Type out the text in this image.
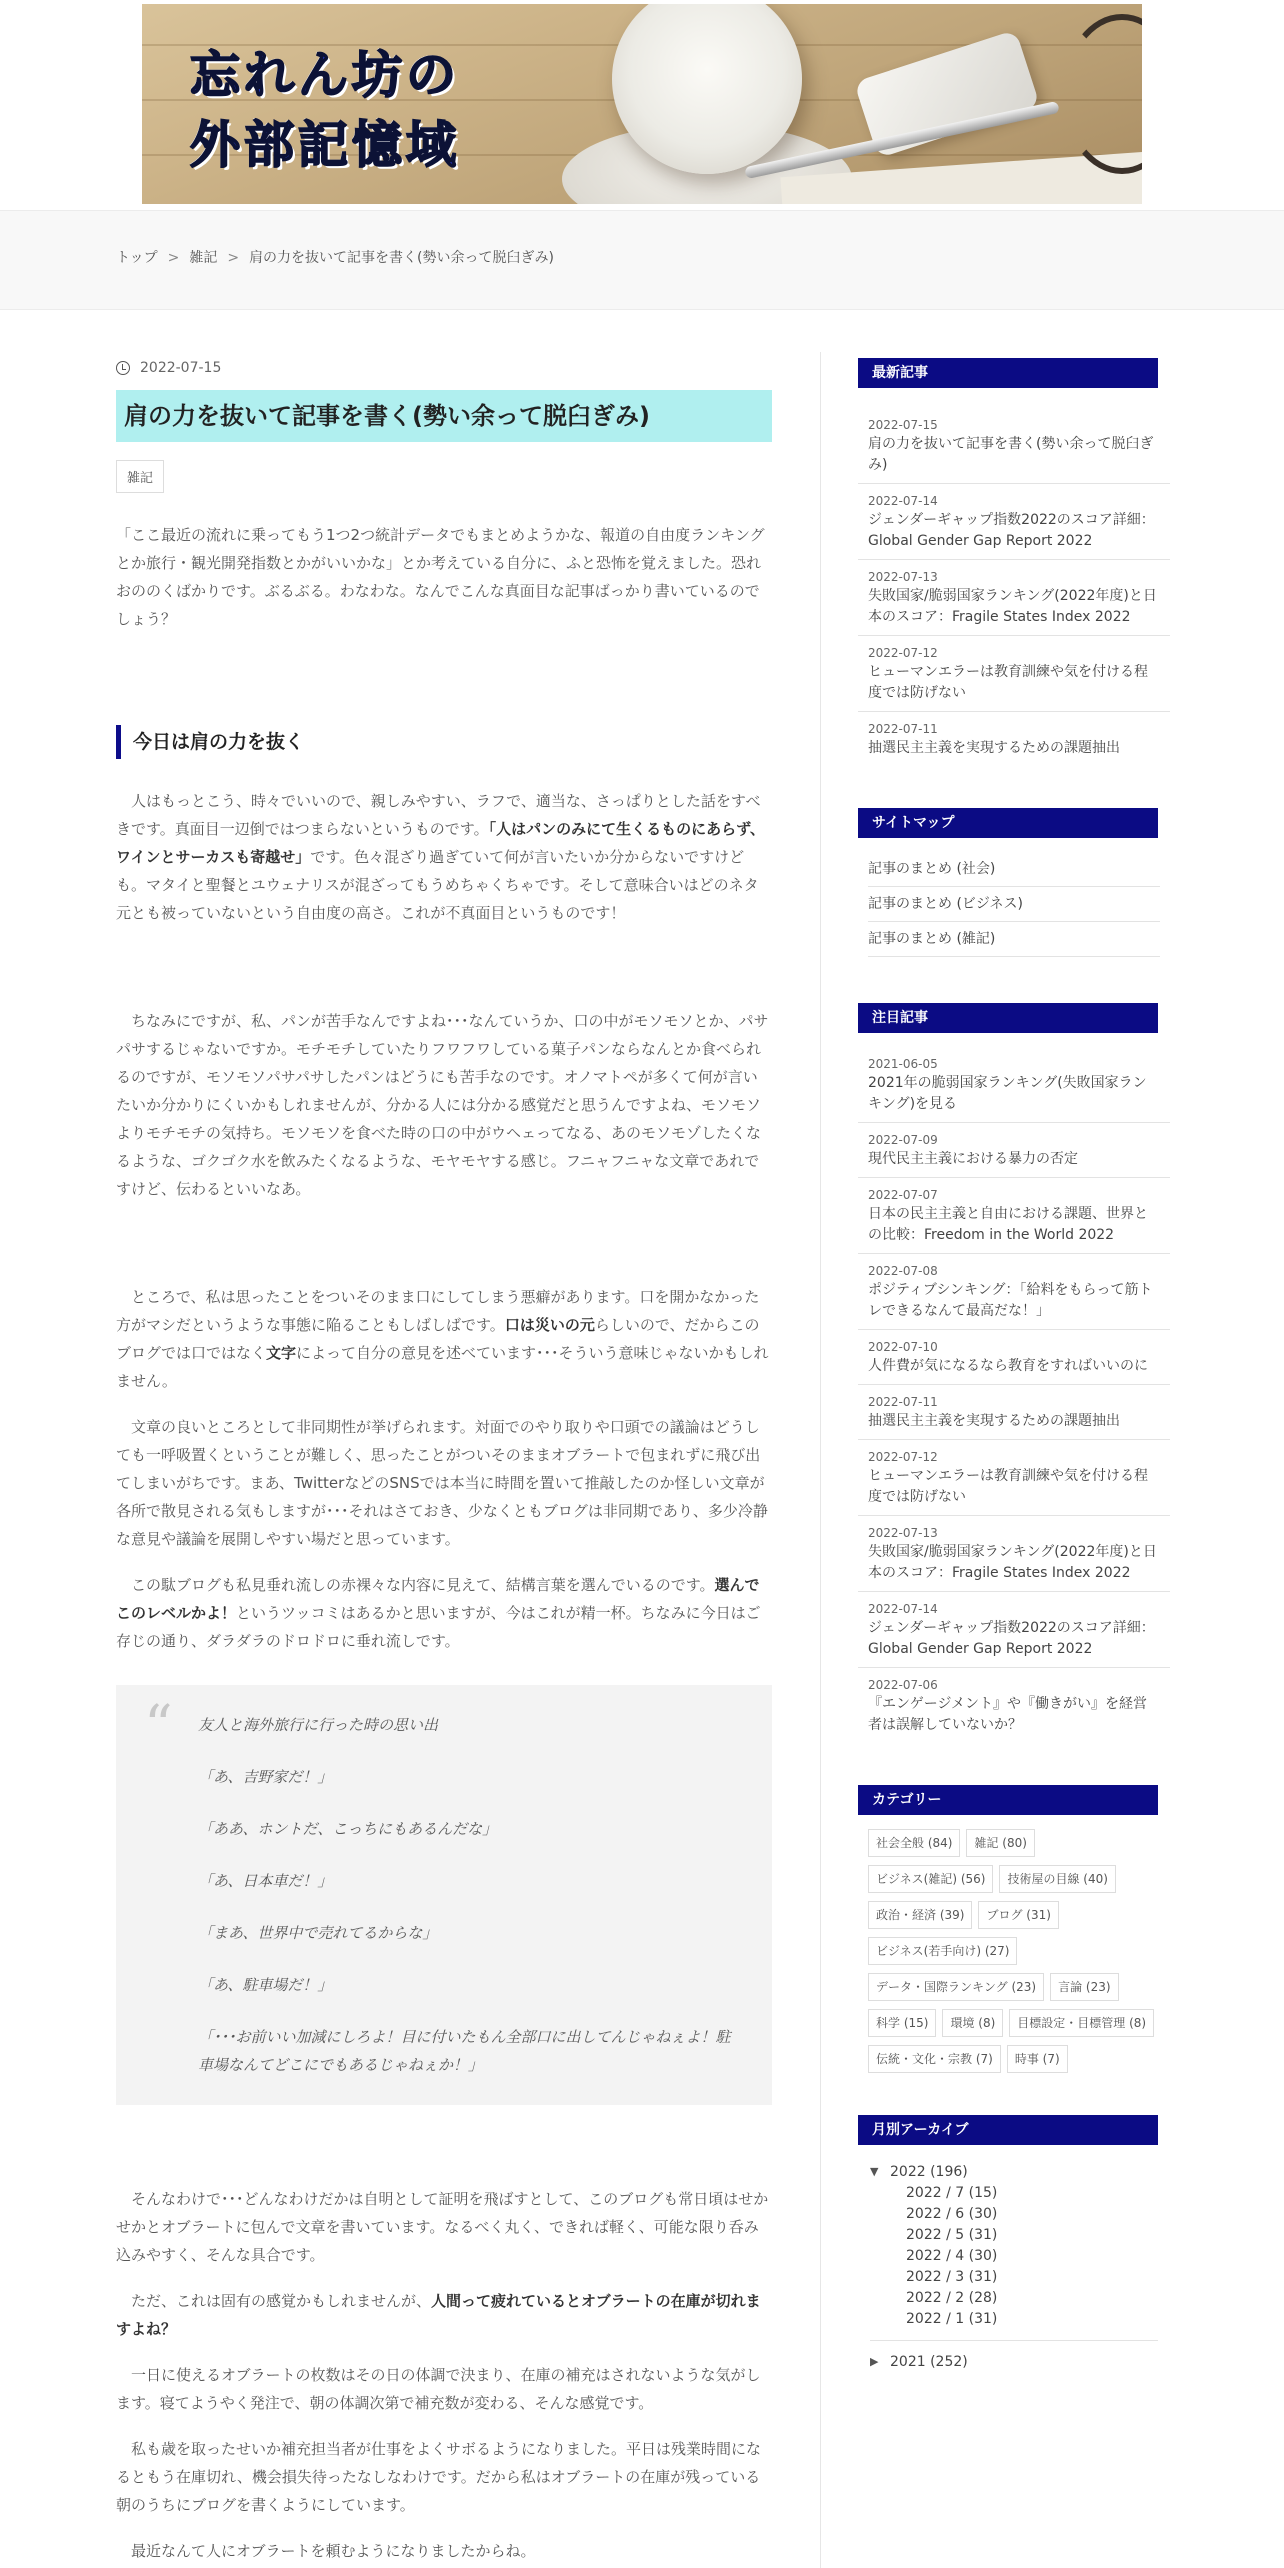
忘れん坊の
外部記憶域
トップ > 雑記 > 肩の力を抜いて記事を書く(勢い余って脱臼ぎみ)
2022-07-15
肩の力を抜いて記事を書く(勢い余って脱臼ぎみ)
雑記

「ここ最近の流れに乗ってもう1つ2つ統計データでもまとめようかな、報道の自由度ランキングとか旅行・観光開発指数とかがいいかな」とか考えている自分に、ふと恐怖を覚えました。恐れおののくばかりです。ぶるぶる。わなわな。なんでこんな真面目な記事ばっかり書いているのでしょう？

今日は肩の力を抜く

人はもっとこう、時々でいいので、親しみやすい、ラフで、適当な、さっぱりとした話をすべきです。真面目一辺倒ではつまらないというものです。「人はパンのみにて生くるものにあらず、ワインとサーカスも寄越せ」です。色々混ざり過ぎていて何が言いたいか分からないですけども。マタイと聖餐とユウェナリスが混ざってもうめちゃくちゃです。そして意味合いはどのネタ元とも被っていないという自由度の高さ。これが不真面目というものです！

ちなみにですが、私、パンが苦手なんですよね･･･なんていうか、口の中がモソモソとか、パサパサするじゃないですか。モチモチしていたりフワフワしている菓子パンならなんとか食べられるのですが、モソモソパサパサしたパンはどうにも苦手なのです。オノマトペが多くて何が言いたいか分かりにくいかもしれませんが、分かる人には分かる感覚だと思うんですよね、モソモソよりモチモチの気持ち。モソモソを食べた時の口の中がウヘェってなる、あのモソモゾしたくなるような、ゴクゴク水を飲みたくなるような、モヤモヤする感じ。フニャフニャな文章であれですけど、伝わるといいなあ。

ところで、私は思ったことをついそのまま口にしてしまう悪癖があります。口を開かなかった方がマシだというような事態に陥ることもしばしばです。口は災いの元らしいので、だからこのブログでは口ではなく文字によって自分の意見を述べています･･･そういう意味じゃないかもしれません。

文章の良いところとして非同期性が挙げられます。対面でのやり取りや口頭での議論はどうしても一呼吸置くということが難しく、思ったことがついそのままオブラートで包まれずに飛び出てしまいがちです。まあ、TwitterなどのSNSでは本当に時間を置いて推敲したのか怪しい文章が各所で散見される気もしますが･･･それはさておき、少なくともブログは非同期であり、多少冷静な意見や議論を展開しやすい場だと思っています。

この駄ブログも私見垂れ流しの赤裸々な内容に見えて、結構言葉を選んでいるのです。選んでこのレベルかよ！というツッコミはあるかと思いますが、今はこれが精一杯。ちなみに今日はご存じの通り、ダラダラのドロドロに垂れ流しです。

“ 友人と海外旅行に行った時の思い出
「あ、吉野家だ！」
「ああ、ホントだ、こっちにもあるんだな」
「あ、日本車だ！」
「まあ、世界中で売れてるからな」
「あ、駐車場だ！」
「･･･お前いい加減にしろよ！目に付いたもん全部口に出してんじゃねぇよ！駐車場なんてどこにでもあるじゃねぇか！」

そんなわけで･･･どんなわけだかは自明として証明を飛ばすとして、このブログも常日頃はせかせかとオブラートに包んで文章を書いています。なるべく丸く、できれば軽く、可能な限り呑み込みやすく、そんな具合です。

ただ、これは固有の感覚かもしれませんが、人間って疲れているとオブラートの在庫が切れますよね？

一日に使えるオブラートの枚数はその日の体調で決まり、在庫の補充はされないような気がします。寝てようやく発注で、朝の体調次第で補充数が変わる、そんな感覚です。

私も歳を取ったせいか補充担当者が仕事をよくサボるようになりました。平日は残業時間になるともう在庫切れ、機会損失待ったなしなわけです。だから私はオブラートの在庫が残っている朝のうちにブログを書くようにしています。

最近なんて人にオブラートを頼むようになりましたからね。

最新記事
2022-07-15
肩の力を抜いて記事を書く(勢い余って脱臼ぎみ)
2022-07-14
ジェンダーギャップ指数2022のスコア詳細：Global Gender Gap Report 2022
2022-07-13
失敗国家/脆弱国家ランキング(2022年度)と日本のスコア：Fragile States Index 2022
2022-07-12
ヒューマンエラーは教育訓練や気を付ける程度では防げない
2022-07-11
抽選民主主義を実現するための課題抽出
サイトマップ
記事のまとめ (社会)
記事のまとめ (ビジネス)
記事のまとめ (雑記)
注目記事
2021-06-05
2021年の脆弱国家ランキング(失敗国家ランキング)を見る
2022-07-09
現代民主主義における暴力の否定
2022-07-07
日本の民主主義と自由における課題、世界との比較：Freedom in the World 2022
2022-07-08
ポジティブシンキング：「給料をもらって筋トレできるなんて最高だな！」
2022-07-10
人件費が気になるなら教育をすればいいのに
2022-07-11
抽選民主主義を実現するための課題抽出
2022-07-12
ヒューマンエラーは教育訓練や気を付ける程度では防げない
2022-07-13
失敗国家/脆弱国家ランキング(2022年度)と日本のスコア：Fragile States Index 2022
2022-07-14
ジェンダーギャップ指数2022のスコア詳細：Global Gender Gap Report 2022
2022-07-06
『エンゲージメント』や『働きがい』を経営者は誤解していないか？
カテゴリー
社会全般 (84)	雑記 (80)
ビジネス(雑記) (56)	技術屋の目線 (40)
政治・経済 (39)	ブログ (31)
ビジネス(若手向け) (27)
データ・国際ランキング (23)	言論 (23)
科学 (15)	環境 (8)	目標設定・目標管理 (8)
伝統・文化・宗教 (7)	時事 (7)
月別アーカイブ
▼ 2022 (196)
2022 / 7 (15)
2022 / 6 (30)
2022 / 5 (31)
2022 / 4 (30)
2022 / 3 (31)
2022 / 2 (28)
2022 / 1 (31)
▶ 2021 (252)
